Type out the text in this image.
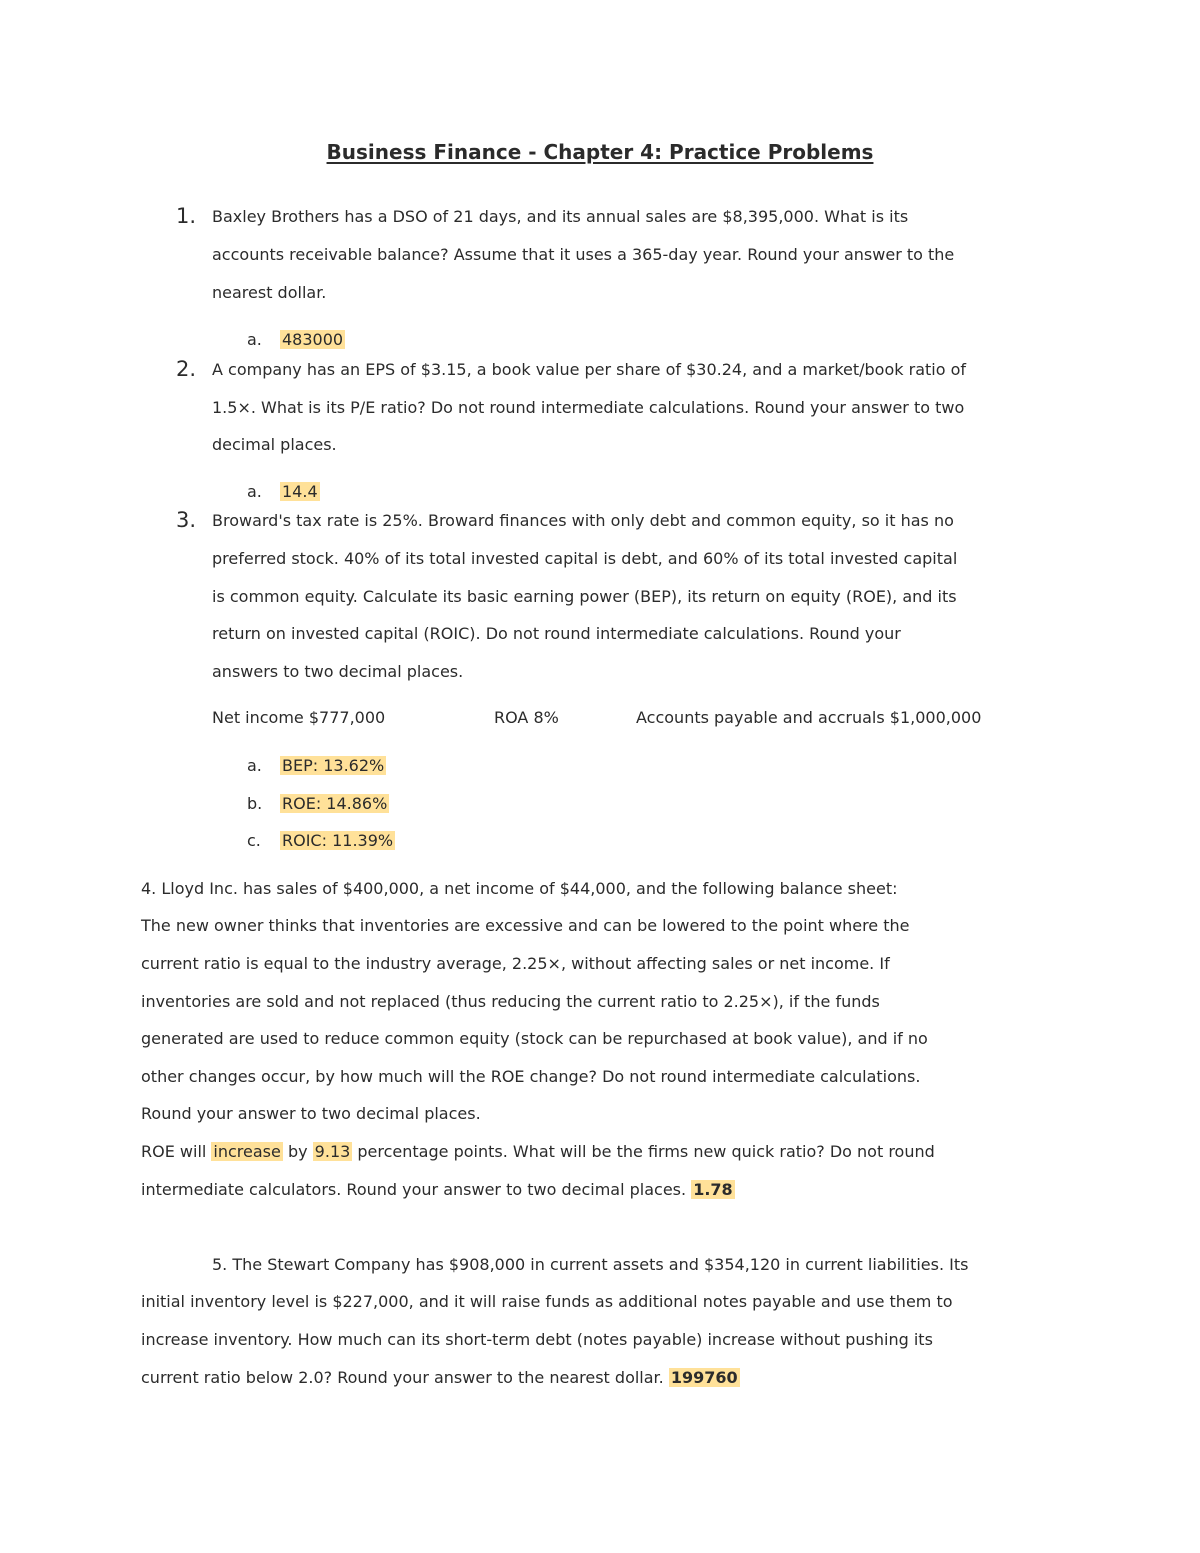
Business Finance - Chapter 4: Practice Problems
1. Baxley Brothers has a DSO of 21 days, and its annual sales are $8,395,000. What is its
accounts receivable balance? Assume that it uses a 365-day year. Round your answer to the
nearest dollar.
a. 483000
2. A company has an EPS of $3.15, a book value per share of $30.24, and a market/book ratio of
1.5×. What is its P/E ratio? Do not round intermediate calculations. Round your answer to two
decimal places.
a. 14.4
3. Broward's tax rate is 25%. Broward finances with only debt and common equity, so it has no
preferred stock. 40% of its total invested capital is debt, and 60% of its total invested capital
is common equity. Calculate its basic earning power (BEP), its return on equity (ROE), and its
return on invested capital (ROIC). Do not round intermediate calculations. Round your
answers to two decimal places.
Net income $777,000	ROA 8%	Accounts payable and accruals $1,000,000
a. BEP: 13.62%
b. ROE: 14.86%
c. ROIC: 11.39%
4. Lloyd Inc. has sales of $400,000, a net income of $44,000, and the following balance sheet:
The new owner thinks that inventories are excessive and can be lowered to the point where the
current ratio is equal to the industry average, 2.25×, without affecting sales or net income. If
inventories are sold and not replaced (thus reducing the current ratio to 2.25×), if the funds
generated are used to reduce common equity (stock can be repurchased at book value), and if no
other changes occur, by how much will the ROE change? Do not round intermediate calculations.
Round your answer to two decimal places.
ROE will increase by 9.13 percentage points. What will be the firms new quick ratio? Do not round
intermediate calculators. Round your answer to two decimal places. 1.78
5. The Stewart Company has $908,000 in current assets and $354,120 in current liabilities. Its
initial inventory level is $227,000, and it will raise funds as additional notes payable and use them to
increase inventory. How much can its short-term debt (notes payable) increase without pushing its
current ratio below 2.0? Round your answer to the nearest dollar. 199760
